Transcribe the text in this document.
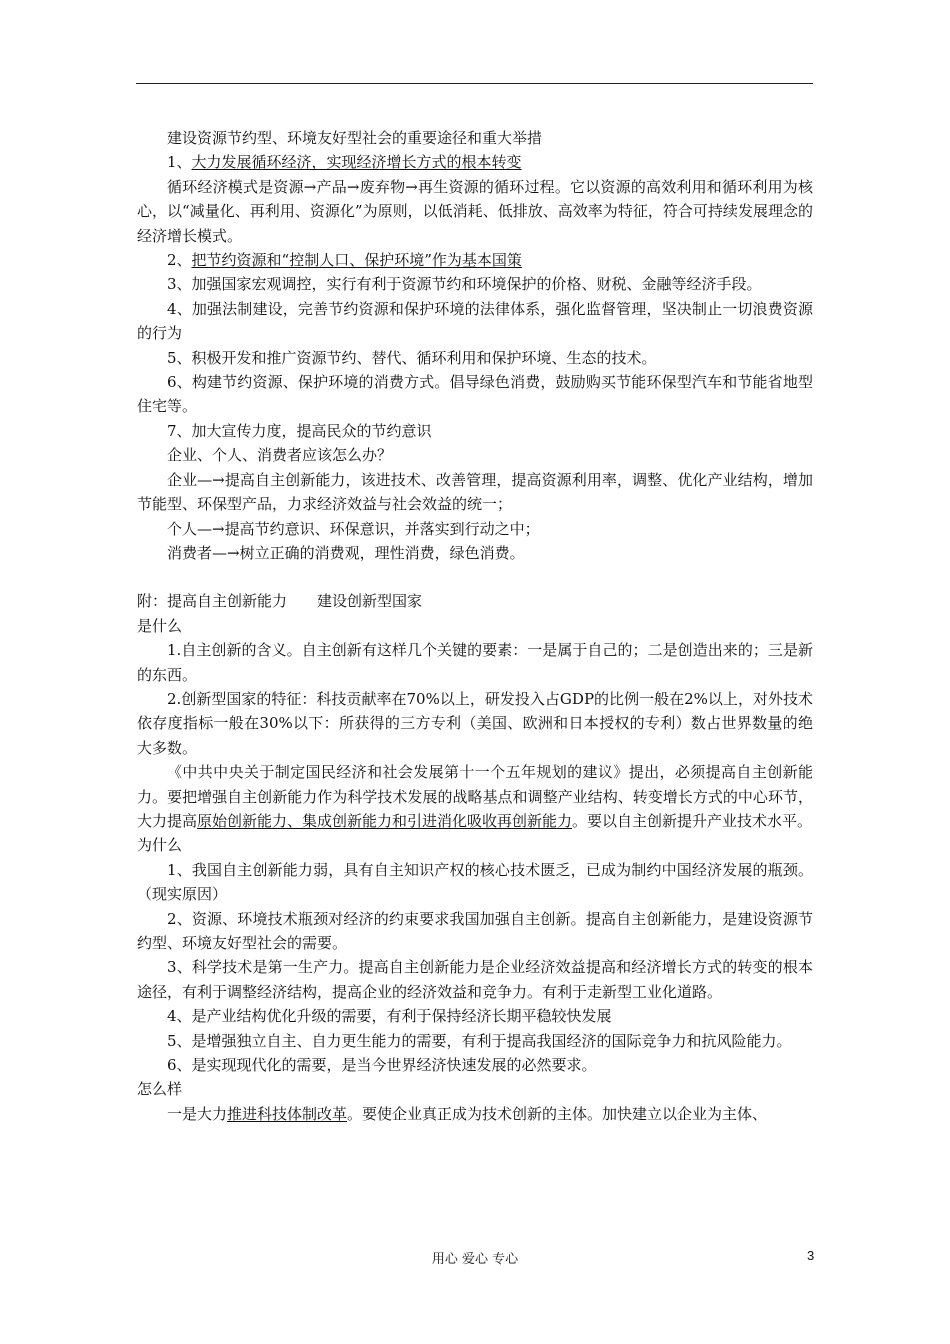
建设资源节约型、环境友好型社会的重要途径和重大举措

1、大力发展循环经济，实现经济增长方式的根本转变

循环经济模式是资源→产品→废弃物→再生资源的循环过程。它以资源的高效利用和循环利用为核心，以“减量化、再利用、资源化”为原则，以低消耗、低排放、高效率为特征，符合可持续发展理念的经济增长模式。

2、把节约资源和“控制人口、保护环境”作为基本国策

3、加强国家宏观调控，实行有利于资源节约和环境保护的价格、财税、金融等经济手段。

4、加强法制建设，完善节约资源和保护环境的法律体系，强化监督管理，坚决制止一切浪费资源的行为

5、积极开发和推广资源节约、替代、循环利用和保护环境、生态的技术。

6、构建节约资源、保护环境的消费方式。倡导绿色消费，鼓励购买节能环保型汽车和节能省地型住宅等。

7、加大宣传力度，提高民众的节约意识

企业、个人、消费者应该怎么办？

企业—→提高自主创新能力，该进技术、改善管理，提高资源利用率，调整、优化产业结构，增加节能型、环保型产品，力求经济效益与社会效益的统一；

个人—→提高节约意识、环保意识，并落实到行动之中；

消费者—→树立正确的消费观，理性消费，绿色消费。

附：提高自主创新能力　　建设创新型国家

是什么

1.自主创新的含义。自主创新有这样几个关键的要素：一是属于自己的；二是创造出来的；三是新的东西。

2.创新型国家的特征：科技贡献率在70%以上，研发投入占GDP的比例一般在2%以上，对外技术依存度指标一般在30%以下：所获得的三方专利（美国、欧洲和日本授权的专利）数占世界数量的绝大多数。

《中共中央关于制定国民经济和社会发展第十一个五年规划的建议》提出，必须提高自主创新能力。要把增强自主创新能力作为科学技术发展的战略基点和调整产业结构、转变增长方式的中心环节，大力提高原始创新能力、集成创新能力和引进消化吸收再创新能力。要以自主创新提升产业技术水平。

为什么

1、我国自主创新能力弱，具有自主知识产权的核心技术匮乏，已成为制约中国经济发展的瓶颈。（现实原因）

2、资源、环境技术瓶颈对经济的约束要求我国加强自主创新。提高自主创新能力，是建设资源节约型、环境友好型社会的需要。

3、科学技术是第一生产力。提高自主创新能力是企业经济效益提高和经济增长方式的转变的根本途径，有利于调整经济结构，提高企业的经济效益和竞争力。有利于走新型工业化道路。

4、是产业结构优化升级的需要，有利于保持经济长期平稳较快发展

5、是增强独立自主、自力更生能力的需要，有利于提高我国经济的国际竞争力和抗风险能力。

6、是实现现代化的需要，是当今世界经济快速发展的必然要求。

怎么样

一是大力推进科技体制改革。要使企业真正成为技术创新的主体。加快建立以企业为主体、

用心 爱心 专心	3
